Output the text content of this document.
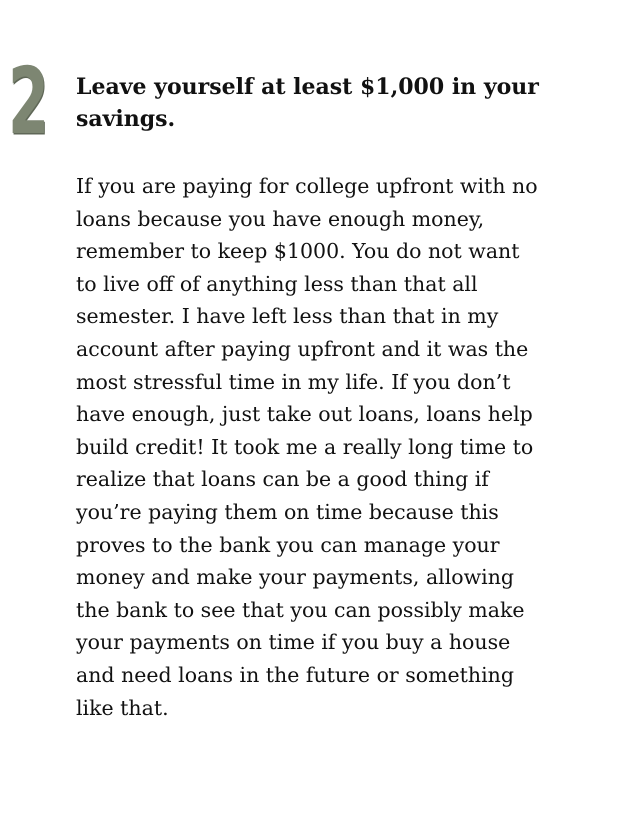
2 Leave yourself at least $1,000 in your
savings.

If you are paying for college upfront with no
loans because you have enough money,
remember to keep $1000. You do not want
to live off of anything less than that all
semester. I have left less than that in my
account after paying upfront and it was the
most stressful time in my life. If you don’t
have enough, just take out loans, loans help
build credit! It took me a really long time to
realize that loans can be a good thing if
you’re paying them on time because this
proves to the bank you can manage your
money and make your payments, allowing
the bank to see that you can possibly make
your payments on time if you buy a house
and need loans in the future or something
like that.
